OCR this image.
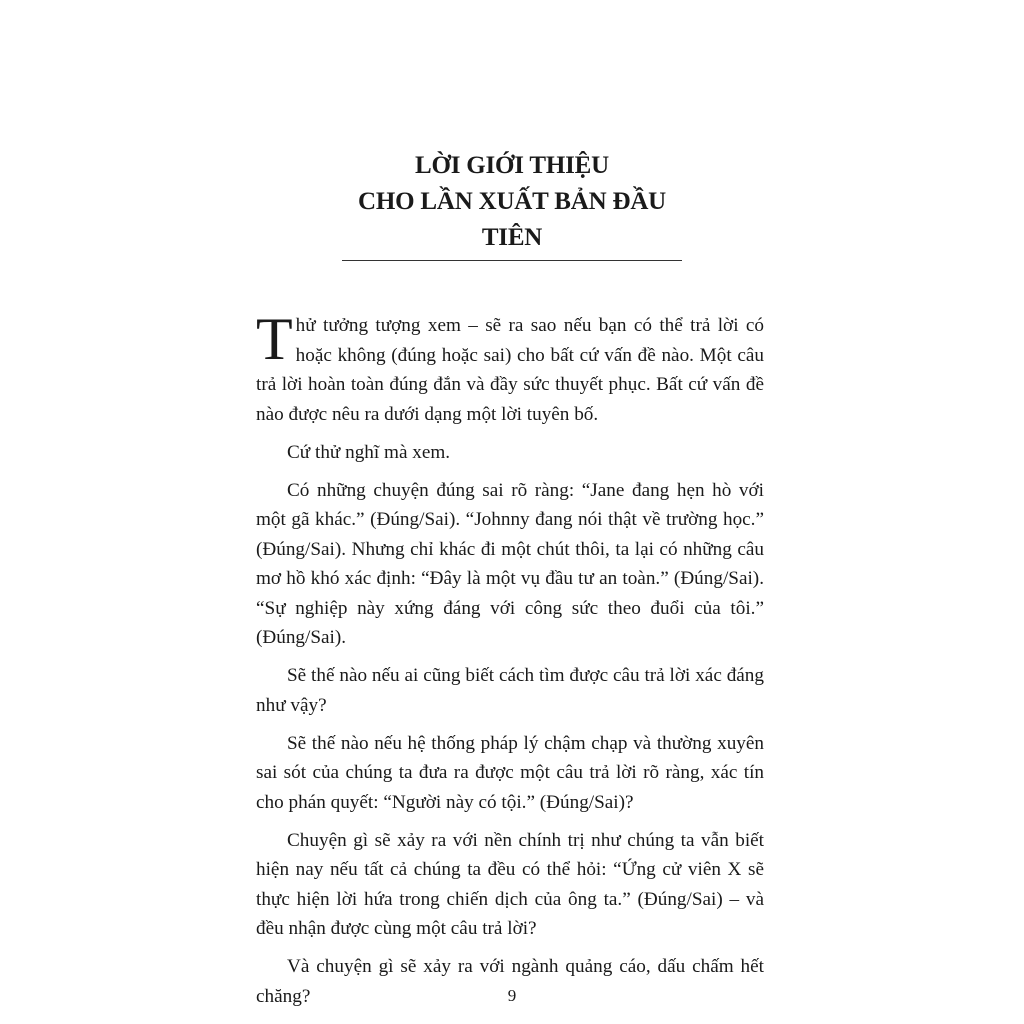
LỜI GIỚI THIỆU
CHO LẦN XUẤT BẢN ĐẦU TIÊN

Thử tưởng tượng xem – sẽ ra sao nếu bạn có thể trả lời có hoặc không (đúng hoặc sai) cho bất cứ vấn đề nào. Một câu trả lời hoàn toàn đúng đắn và đầy sức thuyết phục. Bất cứ vấn đề nào được nêu ra dưới dạng một lời tuyên bố.

Cứ thử nghĩ mà xem.

Có những chuyện đúng sai rõ ràng: “Jane đang hẹn hò với một gã khác.” (Đúng/Sai). “Johnny đang nói thật về trường học.” (Đúng/Sai). Nhưng chỉ khác đi một chút thôi, ta lại có những câu mơ hồ khó xác định: “Đây là một vụ đầu tư an toàn.” (Đúng/Sai). “Sự nghiệp này xứng đáng với công sức theo đuổi của tôi.” (Đúng/Sai).

Sẽ thế nào nếu ai cũng biết cách tìm được câu trả lời xác đáng như vậy?

Sẽ thế nào nếu hệ thống pháp lý chậm chạp và thường xuyên sai sót của chúng ta đưa ra được một câu trả lời rõ ràng, xác tín cho phán quyết: “Người này có tội.” (Đúng/Sai)?

Chuyện gì sẽ xảy ra với nền chính trị như chúng ta vẫn biết hiện nay nếu tất cả chúng ta đều có thể hỏi: “Ứng cử viên X sẽ thực hiện lời hứa trong chiến dịch của ông ta.” (Đúng/Sai) – và đều nhận được cùng một câu trả lời?

Và chuyện gì sẽ xảy ra với ngành quảng cáo, dấu chấm hết chăng?	9
